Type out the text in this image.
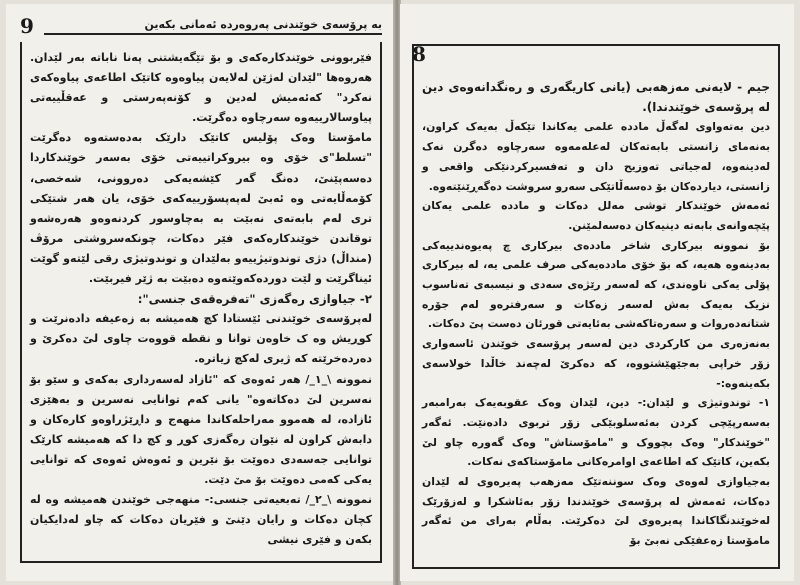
9	بە پرۆسەی خوێندنی پەروەردە ئەمانی بکەین

فێربوونی خوێندکارەکەی و بۆ تێگەیشتنی پەنا ناباتە بەر لێدان. هەروەها "لێدان لەژێن لەلایەن پیاوەوە کاتێک اطاعەی پیاوەکەی نەکرد" کەئەمیش لەدین و کۆنەپەرستی و عەقڵییەتی پیاوسالارییەوە سەرچاوە دەگرێت.

مامۆستا وەک پۆلیس کاتێک دارێک بەدەستەوە دەگرێت "تسلط"ی خۆی وە بیروکراتییەتی خۆی بەسەر خوێندکاردا دەسەپێنێ، دەنگ گەر کێشەیەکی دەروونی، شەخصی، کۆمەڵایەتی وە ئەبێ لەپەپسۆرییەکەی خۆی، یان هەر شتێکی تری لەم بابەتەی نەبێت بە بەچاوسور کردنەوەو هەرەشەو توقاندن خوێندکارەکەی فێر دەکات، چونکەسروشتی مرۆڤ (منداڵ) دژی توندوتیژییەو بەلێدان و توندوتیژی رقی لێتەو گوێت ئیناگرێت و لێت دوردەکەوێتەوە دەبێت بە ژێر فیربێت.

٢- جیاوازی رەگەزی "تەفرەقەی جنسی":

لەپرۆسەی خوێندنی ئێستادا کچ هەمیشە بە زەعیفە دادەنرێت و کوڕیش وە ک خاوەن توانا و نقطە قووەت چاوی لێ دەکرێ و دەردەخرێتە کە ژیری لەکچ زیاترە.

نموونە \_١_/ هەر ئەوەی کە "ئازاد لەسەرداری بەکەی و سێو بۆ نەسرین لێ دەکاتەوە" یانی کەم توانایی نەسرین و بەهێزی ئازادە، لە هەموو مەراحلەکاندا منهەج و داڕێژراوەو کارەکان و دابەش کراون لە نێوان رەگەزی کوڕ و کچ دا کە هەمیشە کارێک توانایی جەسەدی دەوێت بۆ نێرین و ئەوەش ئەوەی کە توانایی یەکی کەمی دەوێت بۆ مێ دێت.

نموونە \_٢_/ تەبعیەتی جنسی:- منهەجی خوێندن هەمیشە وە لە کچان دەکات و رایان دێنێ و فێریان دەکات کە چاو لەدایکیان بکەن و فێری نیشی

8

جیم - لایەنی مەزهەبی (یانی کاریگەری و رەنگدانەوەی دین لە پرۆسەی خوێندندا).

دین بەتەواوی لەگەڵ ماددە علمی یەکاندا تێکەڵ بەیەک کراون، بەنەمای زانستی بابەتەکان لەعلەمەوە سەرچاوە دەگرن نەک لەدینەوە، لەجیاتی تەوزیح دان و تەفسیرکردنێکی واقعی و زانستی، دیاردەکان بۆ دەسەڵاتێکی سەرو سروشت دەگەڕێنێتەوە.

ئەمەش خوێندکار توشی مەلل دەکات و ماددە علمی یەکان پێچەوانەی بابەتە دینیەکان دەسەلمێنن.

بۆ نموونە بیرکاری شاخر ماددەی بیرکاری چ پەیوەندییەکی بەدینەوە هەیە، کە بۆ خۆی ماددەیەکی صرف علمی یە، لە بیرکاری پۆلی یەکی ناوەندی، کە لەسەر رێژەی سەدی و نیسبەی تەناسوب نزیک بەیەک بەش لەسەر زەکات و سەرفترەو لەم جۆرە شتانەدەروات و سەرەتاکەشی بەئایەتی قورئان دەست پێ دەکات.

بەنەزەری من کارکردی دین لەسەر پرۆسەی خوێندن ئاسەواری زۆر خراپی بەجێهێشتووە، کە دەکرێ لەچەند خاڵدا خولاسەی بکەینەوە:-

١- توندوتیژی و لێدان:- دین، لێدان وەک عقوبەیەک بەرامبەر بەسەرپێچی کردن بەئەسلوبێکی زۆر تربوی دادەنێت. ئەگەر "خوێندکار" وەک بچووک و "مامۆستاش" وەک گەورە چاو لێ بکەین، کاتێک کە اطاعەی اوامرەکانی مامۆستاکەی نەکات.

بەجیاوازی لەوەی وەک سوننەتێک مەزهەب پەیرەوی لە لێدان دەکات، ئەمەش لە پرۆسەی خوێندندا زۆر بەئاشکرا و لەزۆرێک لەخوێندنگاکاندا پەیرەوی لێ دەکرێت. بەڵام بەرای من ئەگەر مامۆستا زەعفێکی نەبێ بۆ
